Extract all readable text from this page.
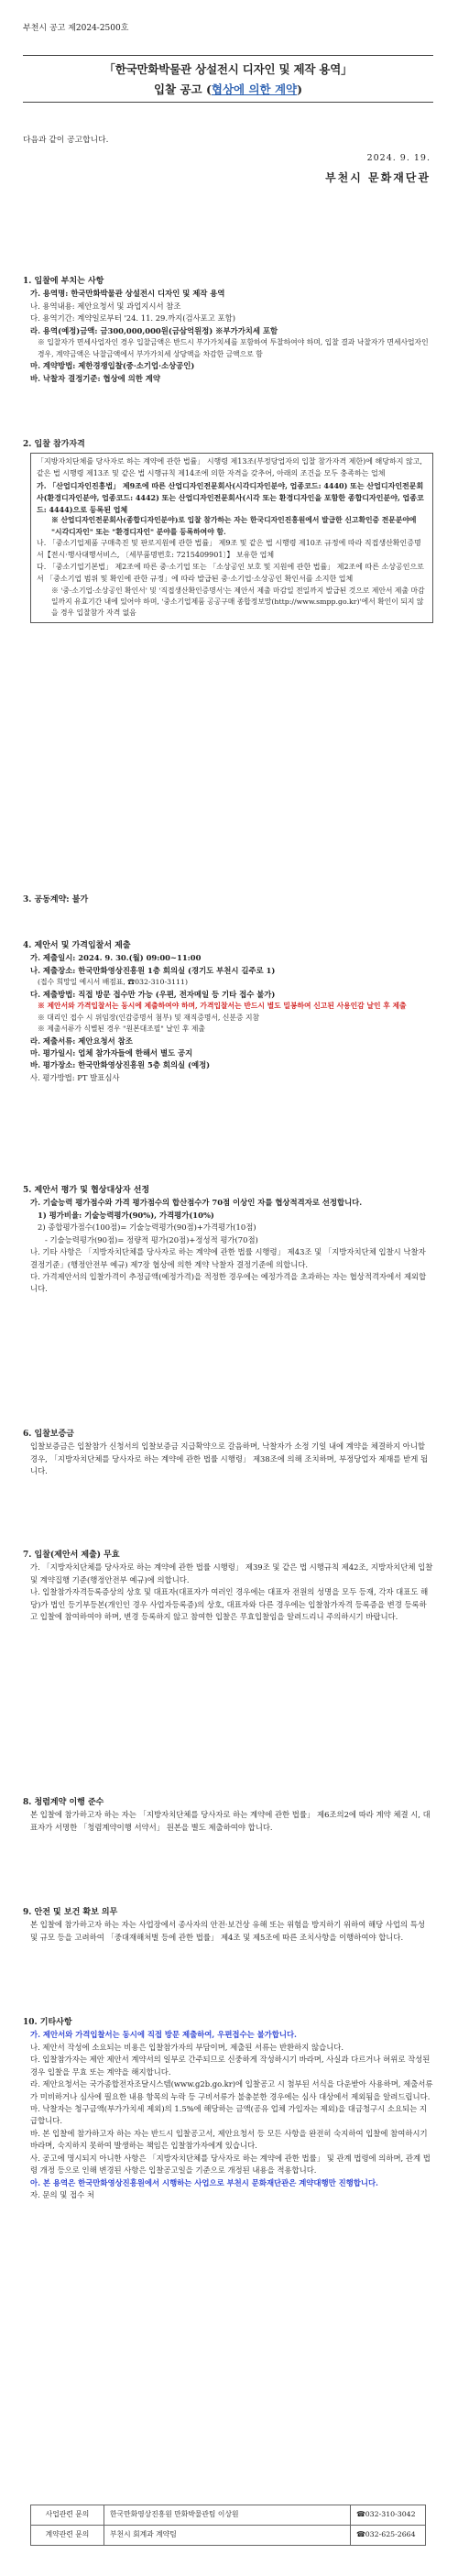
부천시 공고 제2024-2500호
「한국만화박물관 상설전시 디자인 및 제작 용역」
입찰 공고 (협상에 의한 계약)
다음과 같이 공고합니다.
2024. 9. 19.
부천시 문화재단관
1. 입찰에 부치는 사항
가. 용역명: 한국만화박물관 상설전시 디자인 및 제작 용역
나. 용역내용: 제안요청서 및 과업지시서 참조
다. 용역기간: 계약일로부터 '24. 11. 29.까지(검사포고 포함)
라. 용역(예정)금액: 금300,000,000원(금삼억원정) ※부가가치세 포함
※ 입찰자가 면세사업자인 경우 입찰금액은 반드시 부가가치세를 포함하여 투찰하여야 하며, 입찰 결과 낙찰자가 면세사업자인 경우, 계약금액은 낙찰금액에서 부가가치세 상당액을 차감한 금액으로 함
마. 계약방법: 제한경쟁입찰(중·소기업·소상공인)
바. 낙찰자 결정기준: 협상에 의한 계약
2. 입찰 참가자격
「지방자치단체를 당사자로 하는 계약에 관한 법률」 시행령 제13조(부정당업자의 입찰 참가자격 제한)에 해당하지 않고, 같은 법 시행령 제13조 및 같은 법 시행규칙 제14조에 의한 자격을 갖추어, 아래의 조건을 모두 충족하는 업체
가. 「산업디자인진흥법」 제9조에 따른 산업디자인전문회사(시각디자인분야, 업종코드: 4440) 또는 산업디자인전문회사(환경디자인분야, 업종코드: 4442) 또는 산업디자인전문회사(시각 또는 환경디자인을 포함한 종합디자인분야, 업종코드: 4444)으로 등록된 업체
※ 산업디자인전문회사(종합디자인분야)로 입찰 참가하는 자는 한국디자인진흥원에서 발급한 신고확인증 전문분야에 "시각디자인" 또는 "환경디자인" 분야를 등록하여야 함.
나. 「중소기업제품 구매촉진 및 판로지원에 관한 법률」 제9조 및 같은 법 시행령 제10조 규정에 따라 직접생산확인증명서【전시·행사대행서비스, 〔세부품명번호: 7215409901〕】 보유한 업체
다. 「중소기업기본법」 제2조에 따른 중·소기업 또는 「소상공인 보호 및 지원에 관한 법률」 제2조에 따른 소상공인으로서 「중소기업 범위 및 확인에 관한 규정」에 따라 발급된 중·소기업·소상공인 확인서를 소지한 업체
※ '중·소기업·소상공인 확인서' 및 '직접생산확인증명서'는 제안서 제출 마감일 전일까지 발급된 것으로 제안서 제출 마감일까지 유효기간 내에 있어야 하며, '중소기업제품 공공구매 종합정보망(http://www.smpp.go.kr)'에서 확인이 되지 않을 경우 입찰참가 자격 없음
3. 공동계약: 불가
4. 제안서 및 가격입찰서 제출
가. 제출일시: 2024. 9. 30.(월) 09:00~11:00
나. 제출장소: 한국만화영상진흥원 1층 회의실 (경기도 부천시 길주로 1)
(접수 희망일 예시서 배점표, ☎032-310-3111)
다. 제출방법: 직접 방문 접수만 가능 (우편, 전자메일 등 기타 접수 불가)
※ 제안서와 가격입찰서는 동시에 제출하여야 하며, 가격입찰서는 반드시 별도 밀봉하여 신고된 사용인감 날인 후 제출
※ 대리인 접수 시 위임장(인감증명서 첨부) 및 재직증명서, 신분증 지참
※ 제출서류가 식별된 경우 "원본대조필" 날인 후 제출
라. 제출서류: 제안요청서 참조
마. 평가일시: 업체 참가자들에 한해서 별도 공지
바. 평가장소: 한국만화영상진흥원 5층 회의실 (예정)
사. 평가방법: PT 발표심사
5. 제안서 평가 및 협상대상자 선정
가. 기술능력 평가점수와 가격 평가점수의 합산점수가 70점 이상인 자를 협상적격자로 선정합니다.
1) 평가비율: 기술능력평가(90%), 가격평가(10%)
2) 종합평가점수(100점)= 기술능력평가(90점)+가격평가(10점)
- 기술능력평가(90점)= 정량적 평가(20점)+정성적 평가(70점)
나. 기타 사항은 「지방자치단체를 당사자로 하는 계약에 관한 법률 시행령」 제43조 및 「지방자치단체 입찰시 낙찰자 결정기준」(행정안전부 예규) 제7장 협상에 의한 계약 낙찰자 결정기준에 의합니다.
다. 가격제안서의 입찰가격이 추정금액(예정가격)을 적정한 경우에는 예정가격을 초과하는 자는 협상적격자에서 제외합니다.
6. 입찰보증금
입찰보증금은 입찰참가 신청서의 입찰보증금 지급확약으로 갈음하며, 낙찰자가 소정 기일 내에 계약을 체결하지 아니할 경우, 「지방자치단체를 당사자로 하는 계약에 관한 법률 시행령」 제38조에 의해 조치하며, 부정당업자 제재를 받게 됩니다.
7. 입찰(제안서 제출) 무효
가. 「지방자치단체를 당사자로 하는 계약에 관한 법률 시행령」 제39조 및 같은 법 시행규칙 제42조, 지방자치단체 입찰 및 계약집행 기준(행정안전부 예규)에 의합니다.
나. 입찰참가자격등록증상의 상호 및 대표자(대표자가 여러인 경우에는 대표자 전원의 성명을 모두 등재, 각자 대표도 해당)가 법인 등기부등본(개인인 경우 사업자등록증)의 상호, 대표자와 다른 경우에는 입찰참가자격 등록증을 변경 등록하고 입찰에 참여하여야 하며, 변경 등록하지 않고 참여한 입찰은 무효입찰임을 알려드리니 주의하시기 바랍니다.
8. 청렴계약 이행 준수
본 입찰에 참가하고자 하는 자는 「지방자치단체를 당사자로 하는 계약에 관한 법률」 제6조의2에 따라 계약 체결 시, 대표자가 서명한 「청렴계약이행 서약서」 원본을 별도 제출하여야 합니다.
9. 안전 및 보건 확보 의무
본 입찰에 참가하고자 하는 자는 사업장에서 종사자의 안전·보건상 유해 또는 위험을 방지하기 위하여 해당 사업의 특성 및 규모 등을 고려하여 「중대재해처벌 등에 관한 법률」 제4조 및 제5조에 따른 조치사항을 이행하여야 합니다.
10. 기타사항
가. 제안서와 가격입찰서는 동시에 직접 방문 제출하여, 우편접수는 불가합니다.
나. 제안서 작성에 소요되는 비용은 입찰참가자의 부담이며, 제출된 서류는 반환하지 않습니다.
다. 입찰참가자는 제안 제안서 계약서의 일부로 간주되므로 신중하게 작성하시기 바라며, 사실과 다르거나 허위로 작성된 경우 입찰을 무효 또는 계약을 해지합니다.
라. 제안요청서는 국가종합전자조달시스템(www.g2b.go.kr)에 입찰공고 시 첨부된 서식을 다운받아 사용하며, 제출서류가 미비하거나 심사에 필요한 내용 항목의 누락 등 구비서류가 불충분한 경우에는 심사 대상에서 제외됨을 알려드립니다.
마. 낙찰자는 청구금액(부가가치세 제외)의 1.5%에 해당하는 금액(공유 업체 가입자는 제외)을 대금청구시 소요되는 지급합니다.
바. 본 입찰에 참가하고자 하는 자는 반드시 입찰공고서, 제안요청서 등 모든 사항을 완전히 숙지하여 입찰에 참여하시기 바라며, 숙지하지 못하여 발생하는 책임은 입찰참가자에게 있습니다.
사. 공고에 명시되지 아니한 사항은 「지방자치단체를 당사자로 하는 계약에 관한 법률」 및 관계 법령에 의하며, 관계 법령 개정 등으로 인해 변경된 사항은 입찰공고일을 기준으로 개정된 내용을 적용합니다.
아. 본 용역은 한국만화영상진흥원에서 시행하는 사업으로 부천시 문화재단관은 계약대행만 진행합니다.
자. 문의 및 접수 처
사업관련 문의	한국만화영상진흥원 만화박물관팀 이상원	☎032-310-3042
계약관련 문의	부천시 회계과 계약팀	☎032-625-2664
